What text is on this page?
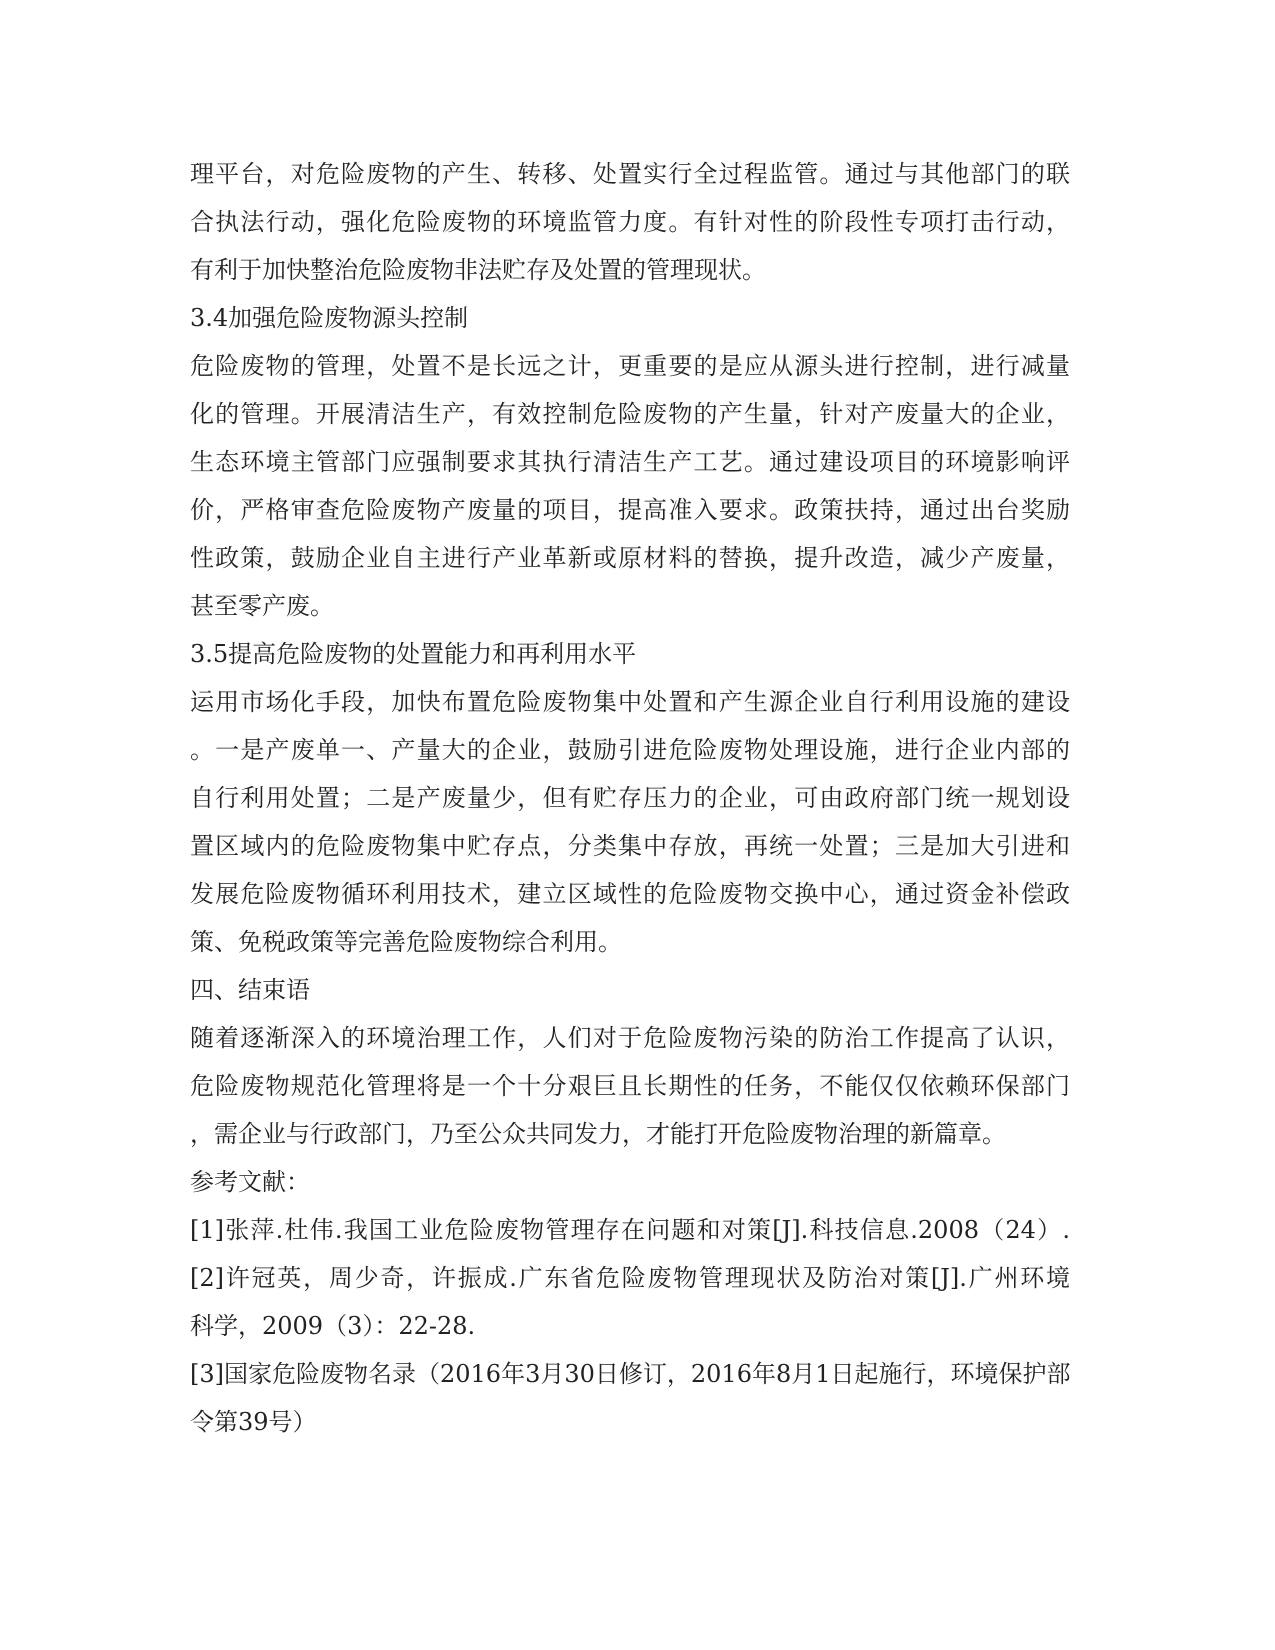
理平台，对危险废物的产生、转移、处置实行全过程监管。通过与其他部门的联
合执法行动，强化危险废物的环境监管力度。有针对性的阶段性专项打击行动，
有利于加快整治危险废物非法贮存及处置的管理现状。
3.4加强危险废物源头控制
危险废物的管理，处置不是长远之计，更重要的是应从源头进行控制，进行减量
化的管理。开展清洁生产，有效控制危险废物的产生量，针对产废量大的企业，
生态环境主管部门应强制要求其执行清洁生产工艺。通过建设项目的环境影响评
价，严格审查危险废物产废量的项目，提高准入要求。政策扶持，通过出台奖励
性政策，鼓励企业自主进行产业革新或原材料的替换，提升改造，减少产废量，
甚至零产废。
3.5提高危险废物的处置能力和再利用水平
运用市场化手段，加快布置危险废物集中处置和产生源企业自行利用设施的建设
。一是产废单一、产量大的企业，鼓励引进危险废物处理设施，进行企业内部的
自行利用处置；二是产废量少，但有贮存压力的企业，可由政府部门统一规划设
置区域内的危险废物集中贮存点，分类集中存放，再统一处置；三是加大引进和
发展危险废物循环利用技术，建立区域性的危险废物交换中心，通过资金补偿政
策、免税政策等完善危险废物综合利用。
四、结束语
随着逐渐深入的环境治理工作，人们对于危险废物污染的防治工作提高了认识，
危险废物规范化管理将是一个十分艰巨且长期性的任务，不能仅仅依赖环保部门
，需企业与行政部门，乃至公众共同发力，才能打开危险废物治理的新篇章。
参考文献：
[1]张萍.杜伟.我国工业危险废物管理存在问题和对策[J].科技信息.2008（24）.
[2]许冠英，周少奇，许振成.广东省危险废物管理现状及防治对策[J].广州环境
科学，2009（3）：22-28.
[3]国家危险废物名录（2016年3月30日修订，2016年8月1日起施行，环境保护部
令第39号）
